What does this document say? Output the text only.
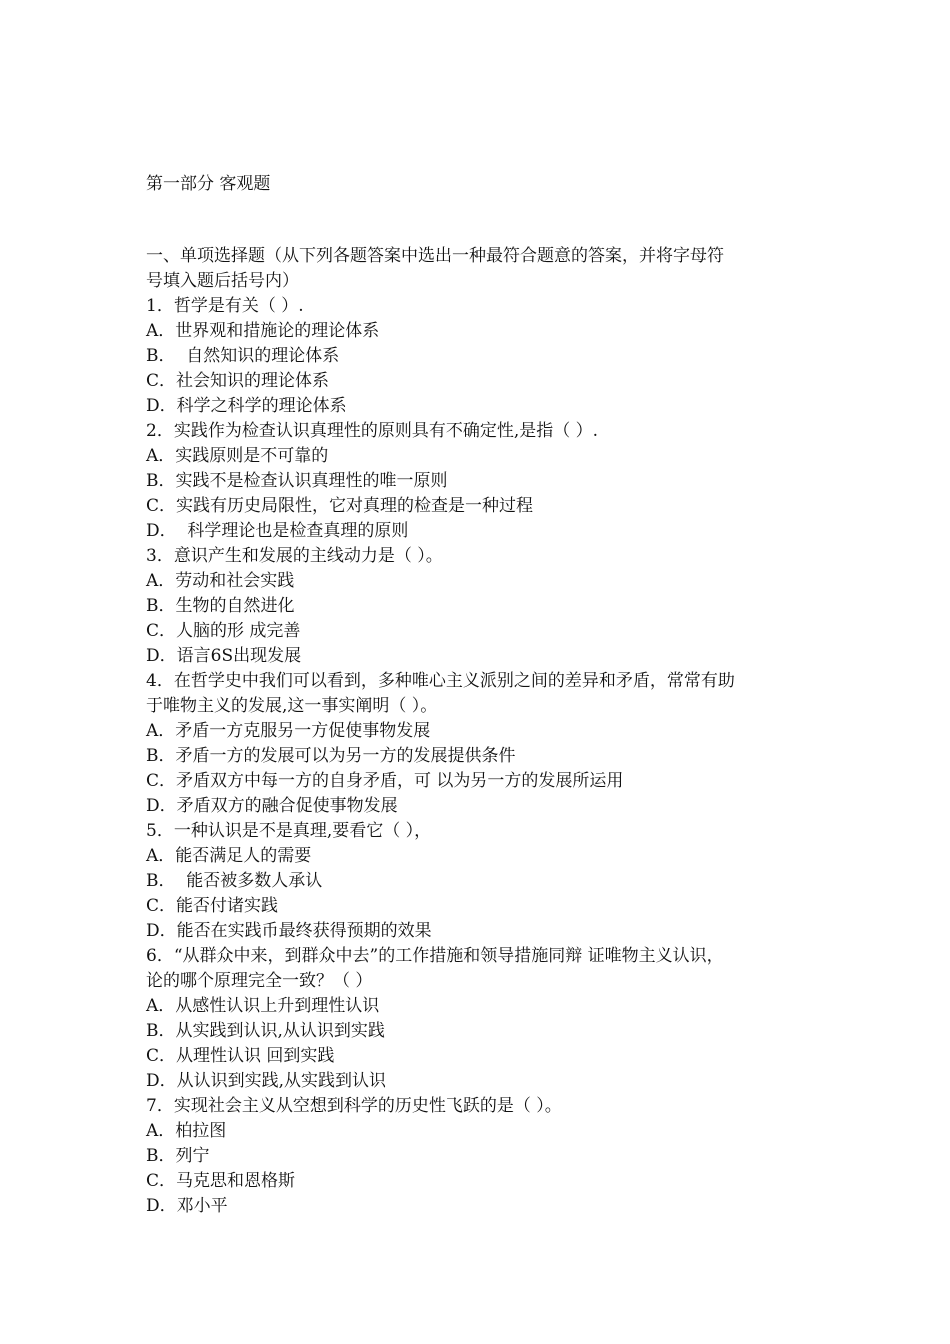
第一部分 客观题
一、单项选择题（从下列各题答案中选出一种最符合题意的答案，并将字母符
号填入题后括号内）
1．哲学是有关（ ）.
A．世界观和措施论的理论体系
B．  自然知识的理论体系
C．社会知识的理论体系
D．科学之科学的理论体系
2．实践作为检查认识真理性的原则具有不确定性,是指（ ）.
A．实践原则是不可靠的
B．实践不是检查认识真理性的唯一原则
C．实践有历史局限性，它对真理的检查是一种过程
D．  科学理论也是检查真理的原则
3．意识产生和发展的主线动力是（ ）。
A．劳动和社会实践
B．生物的自然进化
C．人脑的形 成完善
D．语言6S出现发展
4．在哲学史中我们可以看到，多种唯心主义派别之间的差异和矛盾，常常有助
于唯物主义的发展,这一事实阐明（ ）。
A．矛盾一方克服另一方促使事物发展
B．矛盾一方的发展可以为另一方的发展提供条件
C．矛盾双方中每一方的自身矛盾，可 以为另一方的发展所运用
D．矛盾双方的融合促使事物发展
5．一种认识是不是真理,要看它（ ），
A．能否满足人的需要
B．  能否被多数人承认
C．能否付诸实践
D．能否在实践币最终获得预期的效果
6．“从群众中来，到群众中去”的工作措施和领导措施同辩 证唯物主义认识，
论的哪个原理完全一致？（ ）
A．从感性认识上升到理性认识
B．从实践到认识,从认识到实践
C．从理性认识 回到实践
D．从认识到实践,从实践到认识
7．实现社会主义从空想到科学的历史性飞跃的是（ ）。
A．柏拉图
B．列宁
C．马克思和恩格斯
D．邓小平
